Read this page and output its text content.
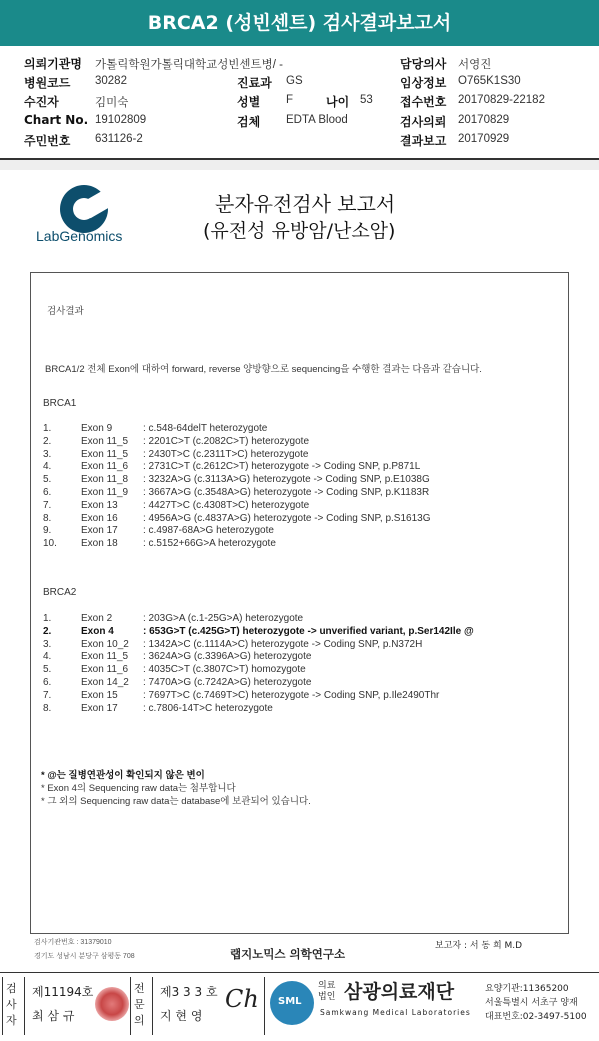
BRCA2 (성빈센트) 검사결과보고서
의뢰기관명 가톨릭학원가톨릭대학교성빈센트병/ -
병원코드 30282
수진자	김미숙
Chart No. 19102809
주민번호 631126-2
진료과 GS
성별 F	나이 53
검체 EDTA Blood
담당의사 서영진
임상정보 O765K1S30
접수번호 20170829-22182
검사의뢰 20170829
결과보고 20170929
LabGenomics
분자유전검사 보고서
(유전성 유방암/난소암)
검사결과
BRCA1/2 전체 Exon에 대하여 forward, reverse 양방향으로 sequencing을 수행한 결과는 다음과 같습니다.
BRCA1
1.	Exon 9	: c.548-64delT heterozygote
2.	Exon 11_5 : 2201C>T (c.2082C>T) heterozygote
3.	Exon 11_5 : 2430T>C (c.2311T>C) heterozygote
4.	Exon 11_6 : 2731C>T (c.2612C>T) heterozygote -> Coding SNP, p.P871L
5.	Exon 11_8 : 3232A>G (c.3113A>G) heterozygote -> Coding SNP, p.E1038G
6.	Exon 11_9 : 3667A>G (c.3548A>G) heterozygote -> Coding SNP, p.K1183R
7.	Exon 13	: 4427T>C (c.4308T>C) heterozygote
8.	Exon 16	: 4956A>G (c.4837A>G) heterozygote -> Coding SNP, p.S1613G
9.	Exon 17	: c.4987-68A>G heterozygote
10. Exon 18	: c.5152+66G>A heterozygote
BRCA2
1.	Exon 2	: 203G>A (c.1-25G>A) heterozygote
2.	Exon 4	: 653G>T (c.425G>T) heterozygote -> unverified variant, p.Ser142Ile @
3.	Exon 10_2 : 1342A>C (c.1114A>C) heterozygote -> Coding SNP, p.N372H
4.	Exon 11_5 : 3624A>G (c.3396A>G) heterozygote
5.	Exon 11_6 : 4035C>T (c.3807C>T) homozygote
6.	Exon 14_2 : 7470A>G (c.7242A>G) heterozygote
7.	Exon 15	: 7697T>C (c.7469T>C) heterozygote -> Coding SNP, p.Ile2490Thr
8.	Exon 17	: c.7806-14T>C heterozygote
* @는 질병연관성이 확인되지 않은 변이
* Exon 4의 Sequencing raw data는 첨부합니다
* 그 외의 Sequencing raw data는 database에 보관되어 있습니다.
검사기관번호 : 31379010
경기도 성남시 분당구 삼평동 708	랩지노믹스 의학연구소
보고자 : 서 동 희 M.D
검사자
제11194호
최 삼 규
전문의
제3 3 3 호
지 현 영
Ch SML
의료법인 삼광의료재단
Samkwang Medical Laboratories
요양기관:11365200
서울특별시 서초구 양재
대표번호:02-3497-5100
